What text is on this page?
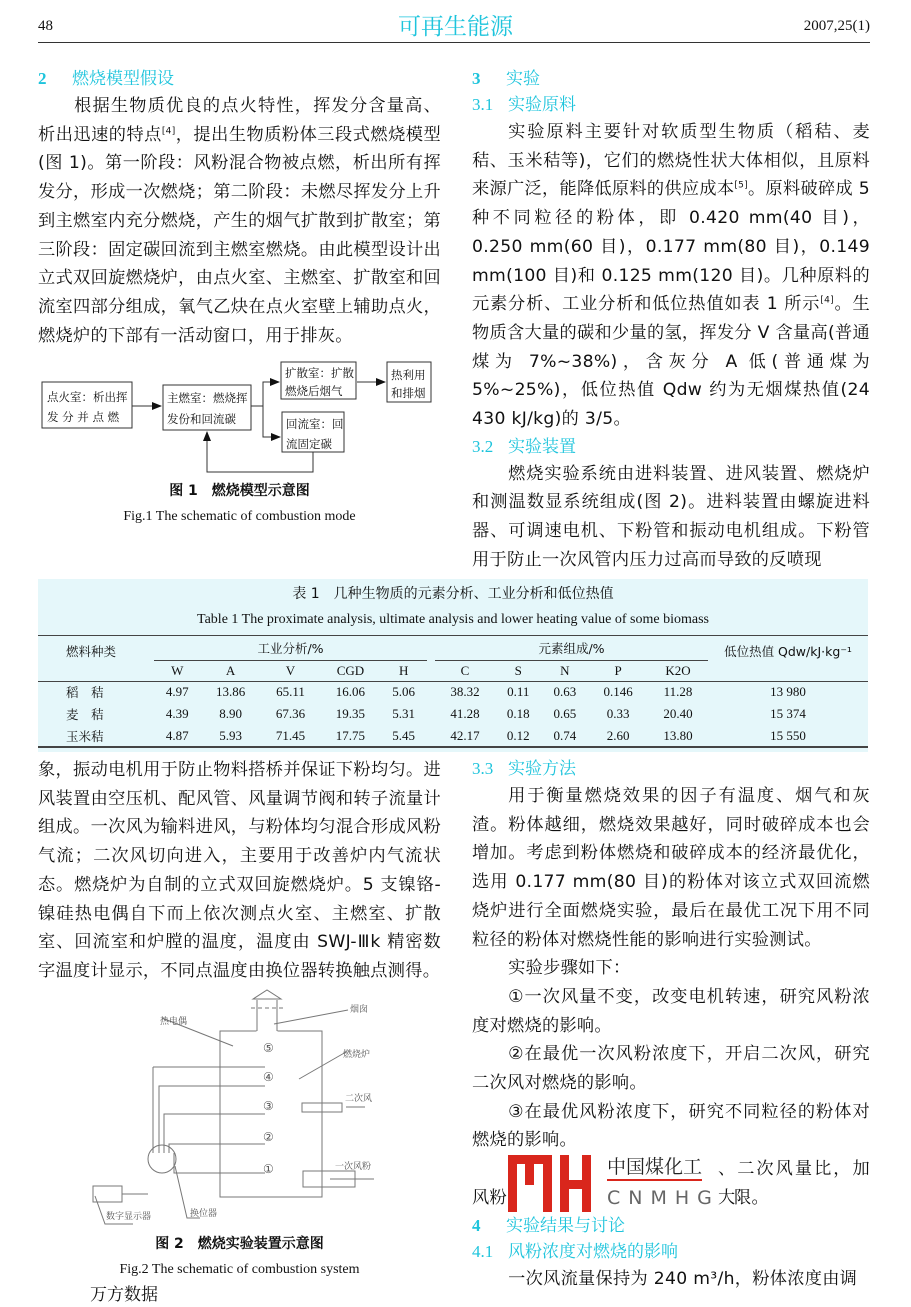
48	可再生能源	2007,25(1)
2 燃烧模型假设
根据生物质优良的点火特性，挥发分含量高、析出迅速的特点[4]，提出生物质粉体三段式燃烧模型(图 1)。第一阶段：风粉混合物被点燃，析出所有挥发分，形成一次燃烧；第二阶段：未燃尽挥发分上升到主燃室内充分燃烧，产生的烟气扩散到扩散室；第三阶段：固定碳回流到主燃室燃烧。由此模型设计出立式双回旋燃烧炉，由点火室、主燃室、扩散室和回流室四部分组成，氧气乙炔在点火室壁上辅助点火，燃烧炉的下部有一活动窗口，用于排灰。
点火室：析出挥
发 分 并 点 燃
主燃室：燃烧挥
发份和回流碳
扩散室：扩散
燃烧后烟气
回流室：回
流固定碳
热利用
和排烟
图 1　燃烧模型示意图
Fig.1 The schematic of combustion mode
3 实验
3.1 实验原料
实验原料主要针对软质型生物质（稻秸、麦秸、玉米秸等)，它们的燃烧性状大体相似，且原料来源广泛，能降低原料的供应成本[5]。原料破碎成 5 种不同粒径的粉体，即 0.420 mm(40 目)，0.250 mm(60 目)，0.177 mm(80 目)，0.149 mm(100 目)和 0.125 mm(120 目)。几种原料的元素分析、工业分析和低位热值如表 1 所示[4]。生物质含大量的碳和少量的氢，挥发分 V 含量高(普通煤为 7%~38%)，含灰分 A 低(普通煤为 5%~25%)，低位热值 Qdw 约为无烟煤热值(24 430 kJ/kg)的 3/5。
3.2 实验装置
燃烧实验系统由进料装置、进风装置、燃烧炉和测温数显系统组成(图 2)。进料装置由螺旋进料器、可调速电机、下粉管和振动电机组成。下粉管用于防止一次风管内压力过高而导致的反喷现
表 1　几种生物质的元素分析、工业分析和低位热值
Table 1 The proximate analysis, ultimate analysis and lower heating value of some biomass
燃料种类	工业分析/%						元素组成/%					低位热值 Qdw/kJ·kg⁻¹
	W	A	V	CGD	H		C	S	N	P	K2O	
稻　秸	4.97	13.86	65.11	16.06	5.06		38.32	0.11	0.63	0.146	11.28	13 980
麦　秸	4.39	8.90	67.36	19.35	5.31		41.28	0.18	0.65	0.33	20.40	15 374
玉米秸	4.87	5.93	71.45	17.75	5.45		42.17	0.12	0.74	2.60	13.80	15 550
象，振动电机用于防止物料搭桥并保证下粉均匀。进风装置由空压机、配风管、风量调节阀和转子流量计组成。一次风为输料进风，与粉体均匀混合形成风粉气流；二次风切向进入，主要用于改善炉内气流状态。燃烧炉为自制的立式双回旋燃烧炉。5 支镍铬-镍硅热电偶自下而上依次测点火室、主燃室、扩散室、回流室和炉膛的温度，温度由 SWJ-Ⅲk 精密数字温度计显示，不同点温度由换位器转换触点测得。
热电偶
烟囱
燃烧炉
二次风
一次风粉
数字显示器	换位器
⑤
④
③
②
①
图 2　燃烧实验装置示意图
Fig.2 The schematic of combustion system
万方数据
3.3 实验方法
用于衡量燃烧效果的因子有温度、烟气和灰渣。粉体越细，燃烧效果越好，同时破碎成本也会增加。考虑到粉体燃烧和破碎成本的经济最优化，选用 0.177 mm(80 目)的粉体对该立式双回流燃烧炉进行全面燃烧实验，最后在最优工况下用不同粒径的粉体对燃烧性能的影响进行实验测试。
实验步骤如下：
①一次风量不变，改变电机转速，研究风粉浓度对燃烧的影响。
②在最优一次风粉浓度下，开启二次风，研究二次风对燃烧的影响。
③在最优风粉浓度下，研究不同粒径的粉体对燃烧的影响。
、二次风量比，加大
风粉
中国煤化工
CNMHG 限。
4 实验结果与讨论
4.1 风粉浓度对燃烧的影响
一次风流量保持为 240 m³/h，粉体浓度由调
